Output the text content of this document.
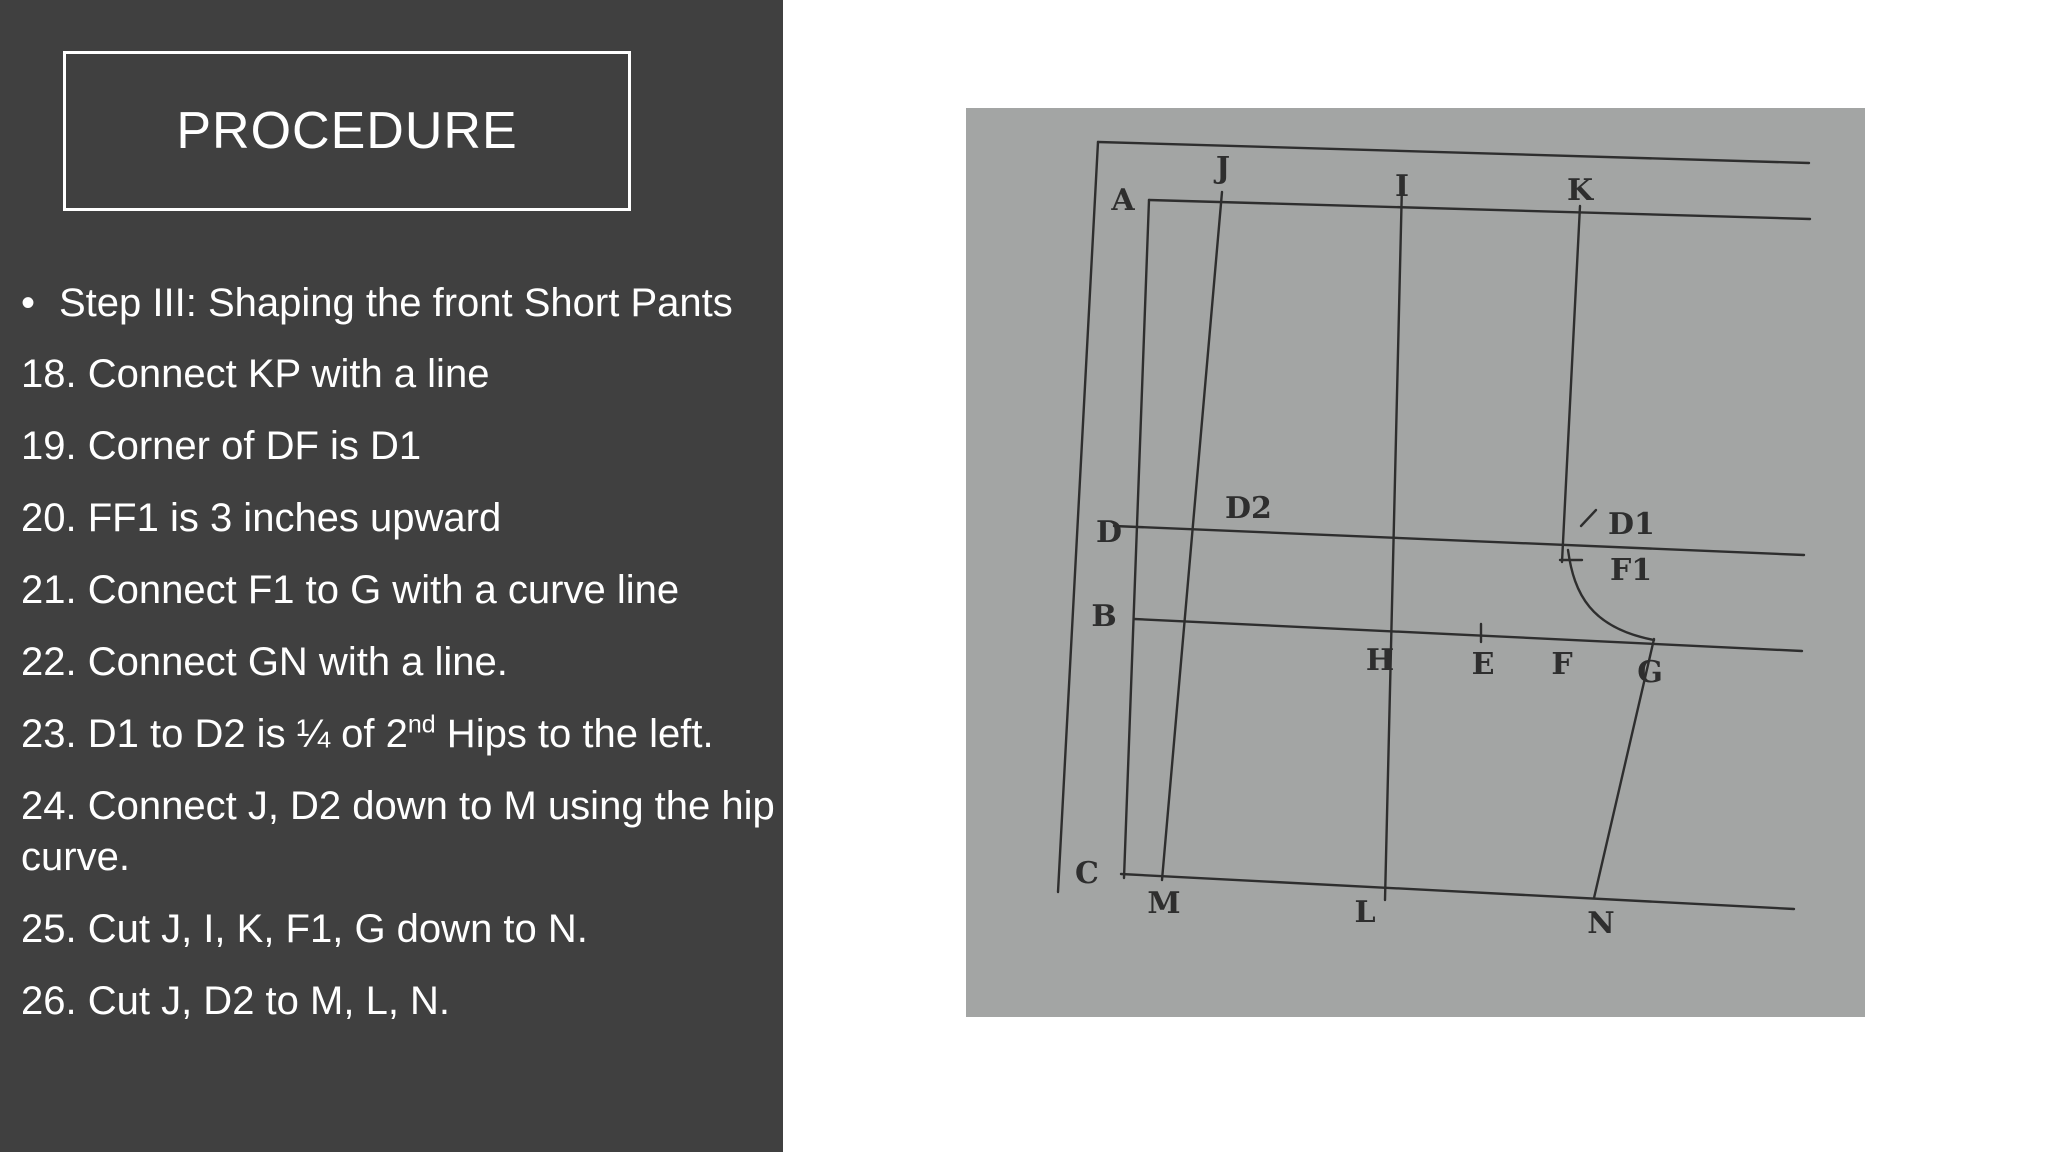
PROCEDURE
• Step III: Shaping the front Short Pants
18. Connect KP with a line
19. Corner of DF is D1
20. FF1 is 3 inches upward
21. Connect F1 to G with a curve line
22. Connect GN with a line.
23. D1 to D2 is ¼ of 2nd Hips to the left.
24. Connect J, D2 down to M using the hip curve.
25. Cut J, I, K, F1, G down to N.
26. Cut J, D2 to M, L, N.
A
J
I	K
D
D2	D1
F1
B
H	E F G
C
M	L	N
